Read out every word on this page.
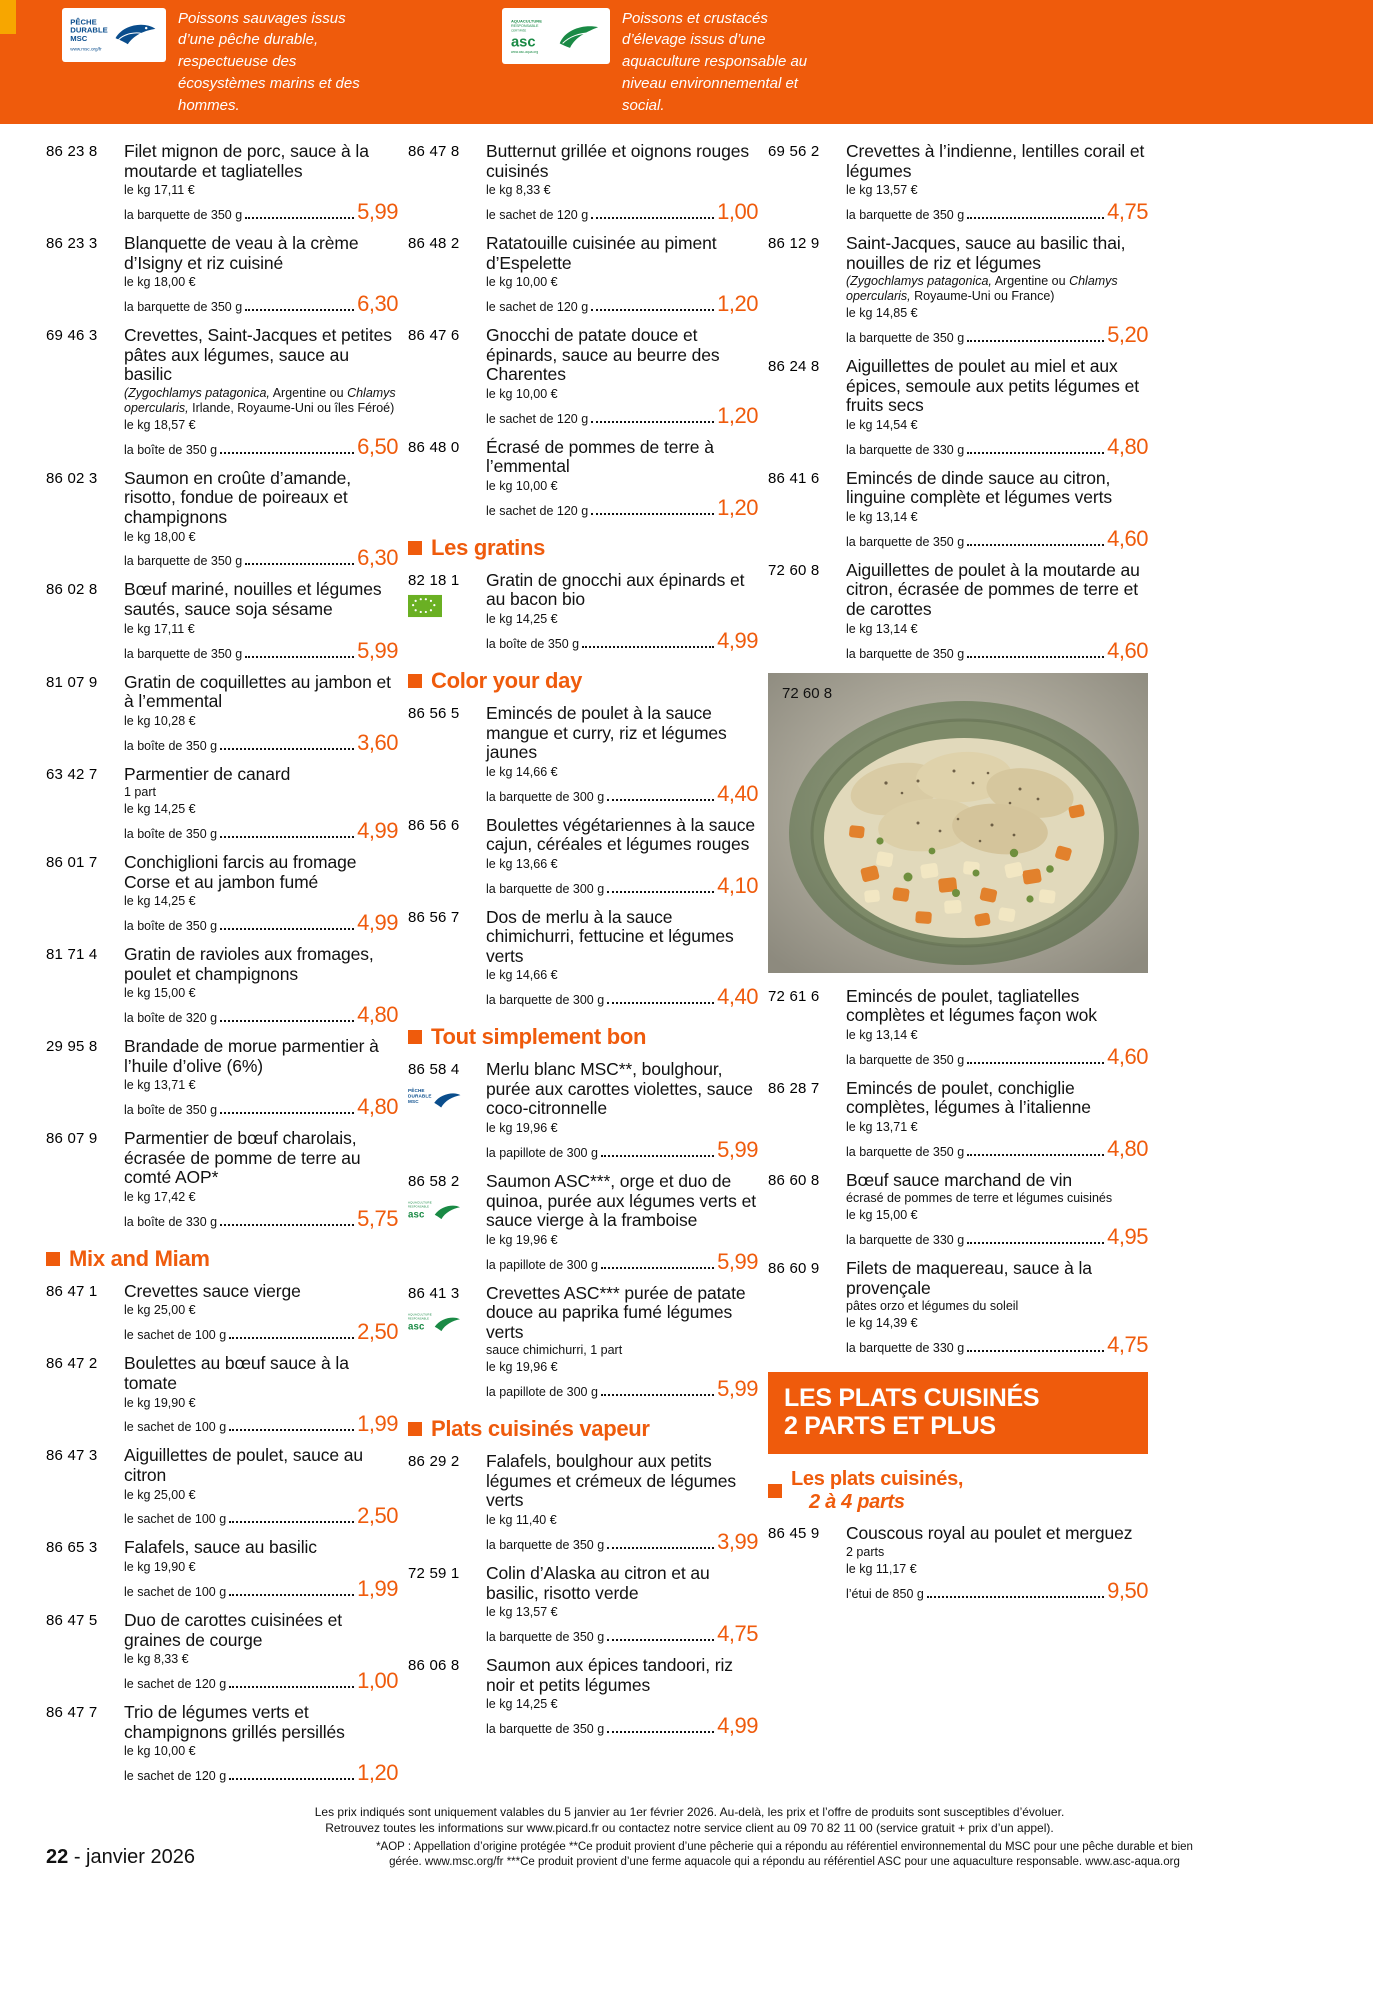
PÊCHE
DURABLE
MSC
www.msc.org/fr
Poissons sauvages issus d’une pêche durable, respectueuse des écosystèmes marins et des hommes.
AQUACULTURE
RESPONSABLE
CERTIFIÉE
asc
www.asc-aqua.org
Poissons et crustacés d’élevage issus d’une aquaculture responsable au niveau environnemental et social.
86 23 8	Filet mignon de porc, sauce à la moutarde et tagliatelles
le kg 17,11 €
la barquette de 350 g	5,99
86 23 3	Blanquette de veau à la crème d’Isigny et riz cuisiné
le kg 18,00 €
la barquette de 350 g	6,30
69 46 3	Crevettes, Saint-Jacques et petites pâtes aux légumes, sauce au basilic
(Zygochlamys patagonica, Argentine ou Chlamys opercularis, Irlande, Royaume-Uni ou îles Féroé)
le kg 18,57 €
la boîte de 350 g	6,50
86 02 3	Saumon en croûte d’amande, risotto, fondue de poireaux et champignons
le kg 18,00 €
la barquette de 350 g	6,30
86 02 8	Bœuf mariné, nouilles et légumes sautés, sauce soja sésame
le kg 17,11 €
la barquette de 350 g	5,99
81 07 9	Gratin de coquillettes au jambon et à l’emmental
le kg 10,28 €
la boîte de 350 g	3,60
63 42 7	Parmentier de canard
1 part
le kg 14,25 €
la boîte de 350 g	4,99
86 01 7	Conchiglioni farcis au fromage Corse et au jambon fumé
le kg 14,25 €
la boîte de 350 g	4,99
81 71 4	Gratin de ravioles aux fromages, poulet et champignons
le kg 15,00 €
la boîte de 320 g	4,80
29 95 8	Brandade de morue parmentier à l’huile d’olive (6%)
le kg 13,71 €
la boîte de 350 g	4,80
86 07 9	Parmentier de bœuf charolais, écrasée de pomme de terre au comté AOP*
le kg 17,42 €
la boîte de 330 g	5,75
Mix and Miam
86 47 1	Crevettes sauce vierge
le kg 25,00 €
le sachet de 100 g	2,50
86 47 2	Boulettes au bœuf sauce à la tomate
le kg 19,90 €
le sachet de 100 g	1,99
86 47 3	Aiguillettes de poulet, sauce au citron
le kg 25,00 €
le sachet de 100 g	2,50
86 65 3	Falafels, sauce au basilic
le kg 19,90 €
le sachet de 100 g	1,99
86 47 5	Duo de carottes cuisinées et graines de courge
le kg 8,33 €
le sachet de 120 g	1,00
86 47 7	Trio de légumes verts et champignons grillés persillés
le kg 10,00 €
le sachet de 120 g	1,20
86 47 8	Butternut grillée et oignons rouges cuisinés
le kg 8,33 €
le sachet de 120 g	1,00
86 48 2	Ratatouille cuisinée au piment d’Espelette
le kg 10,00 €
le sachet de 120 g	1,20
86 47 6	Gnocchi de patate douce et épinards, sauce au beurre des Charentes
le kg 10,00 €
le sachet de 120 g	1,20
86 48 0	Écrasé de pommes de terre à l’emmental
le kg 10,00 €
le sachet de 120 g	1,20
Les gratins
82 18 1	Gratin de gnocchi aux épinards et au bacon bio
le kg 14,25 €
la boîte de 350 g	4,99
Color your day
86 56 5	Emincés de poulet à la sauce mangue et curry, riz et légumes jaunes
le kg 14,66 €
la barquette de 300 g	4,40
86 56 6	Boulettes végétariennes à la sauce cajun, céréales et légumes rouges
le kg 13,66 €
la barquette de 300 g	4,10
86 56 7	Dos de merlu à la sauce chimichurri, fettucine et légumes verts
le kg 14,66 €
la barquette de 300 g	4,40
Tout simplement bon
86 58 4
PÊCHE
DURABLE
MSC
Merlu blanc MSC**, boulghour, purée aux carottes violettes, sauce coco-citronnelle
le kg 19,96 €
la papillote de 300 g	5,99
86 58 2
AQUACULTURE
RESPONSABLE
asc
Saumon ASC***, orge et duo de quinoa, purée aux légumes verts et sauce vierge à la framboise
le kg 19,96 €
la papillote de 300 g	5,99
86 41 3
AQUACULTURE
RESPONSABLE
asc
Crevettes ASC*** purée de patate douce au paprika fumé légumes verts
sauce chimichurri, 1 part
le kg 19,96 €
la papillote de 300 g	5,99
Plats cuisinés vapeur
86 29 2	Falafels, boulghour aux petits légumes et crémeux de légumes verts
le kg 11,40 €
la barquette de 350 g	3,99
72 59 1	Colin d’Alaska au citron et au basilic, risotto verde
le kg 13,57 €
la barquette de 350 g	4,75
86 06 8	Saumon aux épices tandoori, riz noir et petits légumes
le kg 14,25 €
la barquette de 350 g	4,99
69 56 2	Crevettes à l’indienne, lentilles corail et légumes
le kg 13,57 €
la barquette de 350 g	4,75
86 12 9	Saint-Jacques, sauce au basilic thai, nouilles de riz et légumes
(Zygochlamys patagonica, Argentine ou Chlamys opercularis, Royaume-Uni ou France)
le kg 14,85 €
la barquette de 350 g	5,20
86 24 8	Aiguillettes de poulet au miel et aux épices, semoule aux petits légumes et fruits secs
le kg 14,54 €
la barquette de 330 g	4,80
86 41 6	Emincés de dinde sauce au citron, linguine complète et légumes verts
le kg 13,14 €
la barquette de 350 g	4,60
72 60 8	Aiguillettes de poulet à la moutarde au citron, écrasée de pommes de terre et de carottes
le kg 13,14 €
la barquette de 350 g	4,60
72 60 8
72 61 6	Emincés de poulet, tagliatelles complètes et légumes façon wok
le kg 13,14 €
la barquette de 350 g	4,60
86 28 7	Emincés de poulet, conchiglie complètes, légumes à l’italienne
le kg 13,71 €
la barquette de 350 g	4,80
86 60 8	Bœuf sauce marchand de vin
écrasé de pommes de terre et légumes cuisinés
le kg 15,00 €
la barquette de 330 g	4,95
86 60 9	Filets de maquereau, sauce à la provençale
pâtes orzo et légumes du soleil
le kg 14,39 €
la barquette de 330 g	4,75
LES PLATS CUISINÉS
2 PARTS ET PLUS
Les plats cuisinés,
2 à 4 parts
86 45 9	Couscous royal au poulet et merguez
2 parts
le kg 11,17 €
l’étui de 850 g	9,50
Les prix indiqués sont uniquement valables du 5 janvier au 1er février 2026. Au-delà, les prix et l’offre de produits sont susceptibles d’évoluer.
Retrouvez toutes les informations sur www.picard.fr ou contactez notre service client au 09 70 82 11 00 (service gratuit + prix d’un appel).
*AOP : Appellation d’origine protégée **Ce produit provient d’une pêcherie qui a répondu au référentiel environnemental du MSC pour une pêche durable et bien
gérée. www.msc.org/fr ***Ce produit provient d’une ferme aquacole qui a répondu au référentiel ASC pour une aquaculture responsable. www.asc-aqua.org
22 - janvier 2026
